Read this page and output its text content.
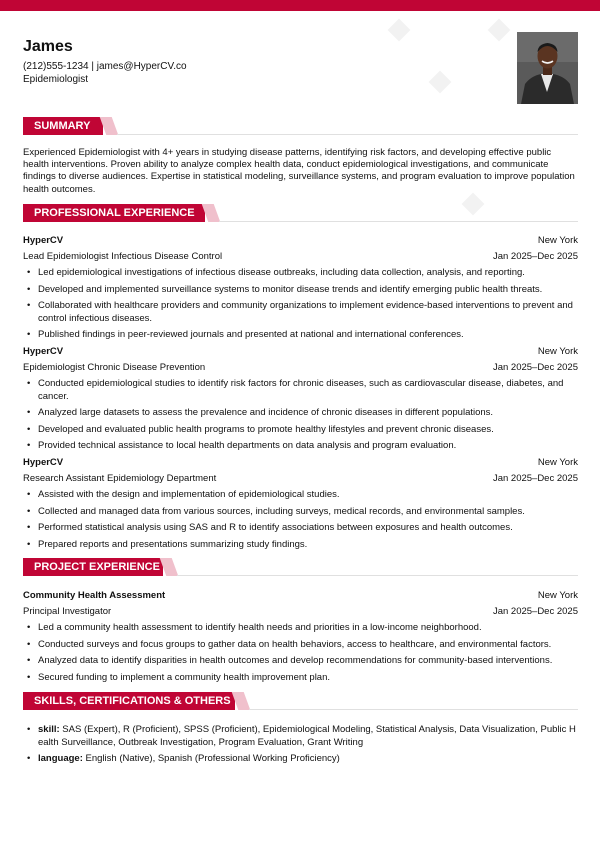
James
(212)555-1234 | james@HyperCV.co
Epidemiologist
SUMMARY
Experienced Epidemiologist with 4+ years in studying disease patterns, identifying risk factors, and developing effective public health interventions. Proven ability to analyze complex health data, conduct epidemiological investigations, and communicate findings to diverse audiences. Expertise in statistical modeling, surveillance systems, and program evaluation to improve population health outcomes.
PROFESSIONAL EXPERIENCE
HyperCV	New York
Lead Epidemiologist Infectious Disease Control	Jan 2025–Dec 2025
• Led epidemiological investigations of infectious disease outbreaks, including data collection, analysis, and reporting.
• Developed and implemented surveillance systems to monitor disease trends and identify emerging public health threats.
• Collaborated with healthcare providers and community organizations to implement evidence-based interventions to prevent and control infectious diseases.
• Published findings in peer-reviewed journals and presented at national and international conferences.
HyperCV	New York
Epidemiologist Chronic Disease Prevention	Jan 2025–Dec 2025
• Conducted epidemiological studies to identify risk factors for chronic diseases, such as cardiovascular disease, diabetes, and cancer.
• Analyzed large datasets to assess the prevalence and incidence of chronic diseases in different populations.
• Developed and evaluated public health programs to promote healthy lifestyles and prevent chronic diseases.
• Provided technical assistance to local health departments on data analysis and program evaluation.
HyperCV	New York
Research Assistant Epidemiology Department	Jan 2025–Dec 2025
• Assisted with the design and implementation of epidemiological studies.
• Collected and managed data from various sources, including surveys, medical records, and environmental samples.
• Performed statistical analysis using SAS and R to identify associations between exposures and health outcomes.
• Prepared reports and presentations summarizing study findings.
PROJECT EXPERIENCE
Community Health Assessment	New York
Principal Investigator	Jan 2025–Dec 2025
• Led a community health assessment to identify health needs and priorities in a low-income neighborhood.
• Conducted surveys and focus groups to gather data on health behaviors, access to healthcare, and environmental factors.
• Analyzed data to identify disparities in health outcomes and develop recommendations for community-based interventions.
• Secured funding to implement a community health improvement plan.
SKILLS, CERTIFICATIONS & OTHERS
• skill: SAS (Expert), R (Proficient), SPSS (Proficient), Epidemiological Modeling, Statistical Analysis, Data Visualization, Public H ealth Surveillance, Outbreak Investigation, Program Evaluation, Grant Writing
• language: English (Native), Spanish (Professional Working Proficiency)
